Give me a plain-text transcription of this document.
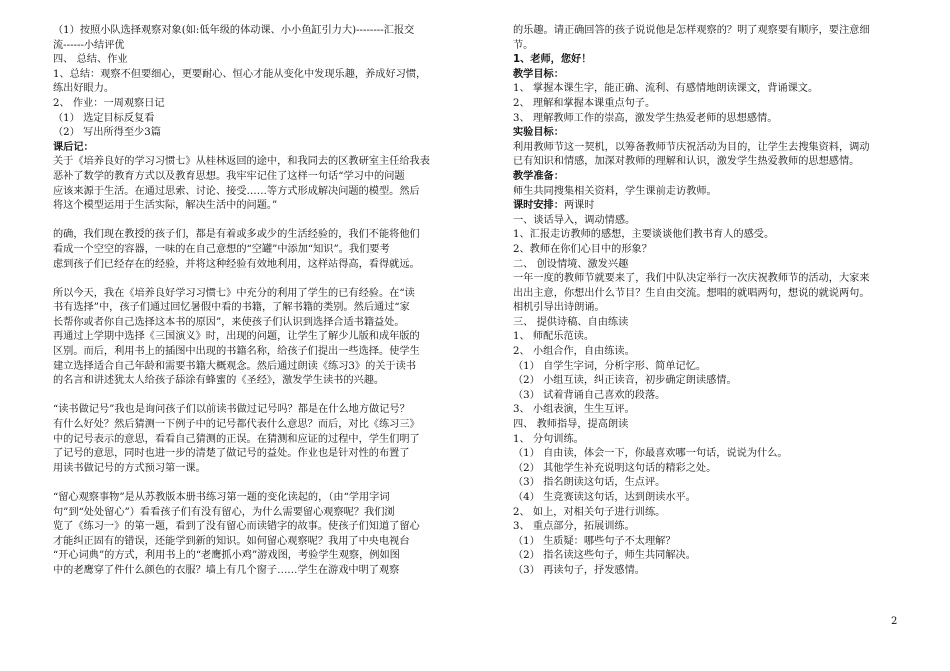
（1）按照小队选择观察对象(如:低年级的体动课、小小鱼缸引力大)--------汇报交

流------小结评优

四、 总结、作业

1、总结：观察不但要细心，更要耐心、恒心才能从变化中发现乐趣，养成好习惯，

练出好眼力。

2、 作业：一周观察日记

（1） 选定目标反复看

（2） 写出所得至少3篇

课后记：

关于《培养良好的学习习惯七》从桂林返回的途中，和我同去的区教研室主任给我表

恶补了数学的教育方式以及教育思想。我牢牢记住了这样一句话“学习中的问题

应该来源于生活。在通过思索、讨论、接受……等方式形成解决问题的模型。然后

将这个模型运用于生活实际，解决生活中的问题。”

的确，我们现在教授的孩子们，都是有着或多或少的生活经验的，我们不能将他们

看成一个空空的容器，一味的在自己意想的“空罐”中添加“知识”。我们要考

虑到孩子们已经存在的经验，并将这种经验有效地利用，这样站得高，看得就远。

所以今天，我在《培养良好学习习惯七》中充分的利用了学生的已有经验。在“读

书有选择”中，孩子们通过回忆暑假中看的书籍，了解书籍的类别。然后通过“家

长帮你或者你自己选择这本书的原因”，来使孩子们认识到选择合适书籍益处。

再通过上学期中选择《三国演义》时，出现的问题，让学生了解少儿版和成年版的

区别。而后，利用书上的插图中出现的书籍名称，给孩子们提出一些选择。使学生

建立选择适合自己年龄和需要书籍大概观念。然后通过朗读《练习3》的关于读书

的名言和讲述犹太人给孩子舔涂有蜂蜜的《圣经》，激发学生读书的兴趣。

“读书做记号”我也是询问孩子们以前读书做过记号吗？都是在什么地方做记号？

有什么好处？然后猜测一下例子中的记号都代表什么意思？而后，对比《练习三》

中的记号表示的意思，看看自己猜测的正误。在猜测和应证的过程中，学生们明了

了记号的意思，同时也进一步的清楚了做记号的益处。作业也是针对性的布置了

用读书做记号的方式预习第一课。

“留心观察事物”是从苏教版本册书练习第一题的变化读起的，（由“学用字词

句”到“处处留心”）看看孩子们有没有留心，为什么需要留心观察呢？我们浏

览了《练习一》的第一题，看到了没有留心而读错字的故事。使孩子们知道了留心

才能纠正固有的错误，还能学到新的知识。如何留心观察呢？我用了中央电视台

“开心词典”的方式，利用书上的“老鹰抓小鸡”游戏图，考验学生观察，例如图

中的老鹰穿了件什么颜色的衣服？墙上有几个窗子……学生在游戏中明了观察

的乐趣。请正确回答的孩子说说他是怎样观察的？明了观察要有顺序，要注意细

节。

1、老师，您好！

教学目标：

1、 掌握本课生字，能正确、流利、有感情地朗读课文，背诵课文。

2、 理解和掌握本课重点句子。

3、 理解教师工作的崇高，激发学生热爱老师的思想感情。

实验目标：

利用教师节这一契机，以筹备教师节庆祝活动为目的，让学生去搜集资料，调动

已有知识和情感，加深对教师的理解和认识，激发学生热爱教师的思想感情。

教学准备：

师生共同搜集相关资料，学生课前走访教师。

课时安排：两课时

一、谈话导入，调动情感。

1、汇报走访教师的感想，主要谈谈他们教书育人的感受。

2、教师在你们心目中的形象？

二、 创设情境、激发兴趣

一年一度的教师节就要来了，我们中队决定举行一次庆祝教师节的活动，大家来

出出主意，你想出什么节目？生自由交流。想唱的就唱两句，想说的就说两句。

相机引导出诗朗诵。

三、 提供诗稿、自由练读

1、 师配乐范读。

2、 小组合作，自由练读。

（1） 自学生字词，分析字形、简单记忆。

（2） 小组互读，纠正读音，初步确定朗读感情。

（3） 试着背诵自己喜欢的段落。

3、 小组表演，生生互评。

四、 教师指导，提高朗读

1、 分句训练。

（1） 自由读，体会一下，你最喜欢哪一句话，说说为什么。

（2） 其他学生补充说明这句话的精彩之处。

（3） 指名朗读这句话，生点评。

（4） 生竞赛读这句话，达到朗读水平。

2、 如上，对相关句子进行训练。

3、 重点部分，拓展训练。

（1） 生质疑：哪些句子不太理解？

（2） 指名读这些句子，师生共同解决。

（3） 再读句子，抒发感情。

2
